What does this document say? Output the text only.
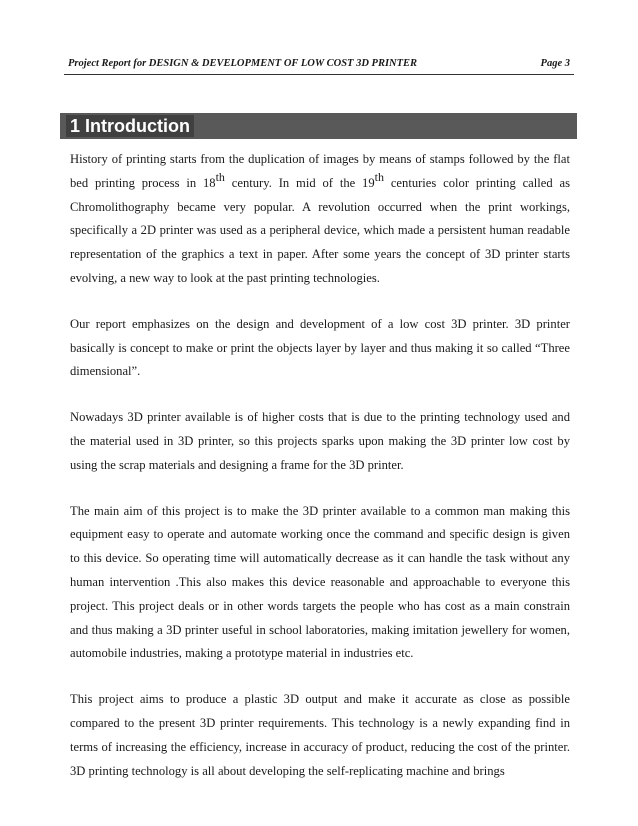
Project Report for DESIGN & DEVELOPMENT OF LOW COST 3D PRINTER	Page 3
1 Introduction

History of printing starts from the duplication of images by means of stamps followed by the flat bed printing process in 18th century. In mid of the 19th centuries color printing called as Chromolithography became very popular. A revolution occurred when the print workings, specifically a 2D printer was used as a peripheral device, which made a persistent human readable representation of the graphics a text in paper. After some years the concept of 3D printer starts evolving, a new way to look at the past printing technologies.

Our report emphasizes on the design and development of a low cost 3D printer. 3D printer basically is concept to make or print the objects layer by layer and thus making it so called “Three dimensional”.

Nowadays 3D printer available is of higher costs that is due to the printing technology used and the material used in 3D printer, so this projects sparks upon making the 3D printer low cost by using the scrap materials and designing a frame for the 3D printer.

The main aim of this project is to make the 3D printer available to a common man making this equipment easy to operate and automate working once the command and specific design is given to this device. So operating time will automatically decrease as it can handle the task without any human intervention .This also makes this device reasonable and approachable to everyone this project. This project deals or in other words targets the people who has cost as a main constrain and thus making a 3D printer useful in school laboratories, making imitation jewellery for women, automobile industries, making a prototype material in industries etc.

This project aims to produce a plastic 3D output and make it accurate as close as possible compared to the present 3D printer requirements. This technology is a newly expanding find in terms of increasing the efficiency, increase in accuracy of product, reducing the cost of the printer. 3D printing technology is all about developing the self-replicating machine and brings
